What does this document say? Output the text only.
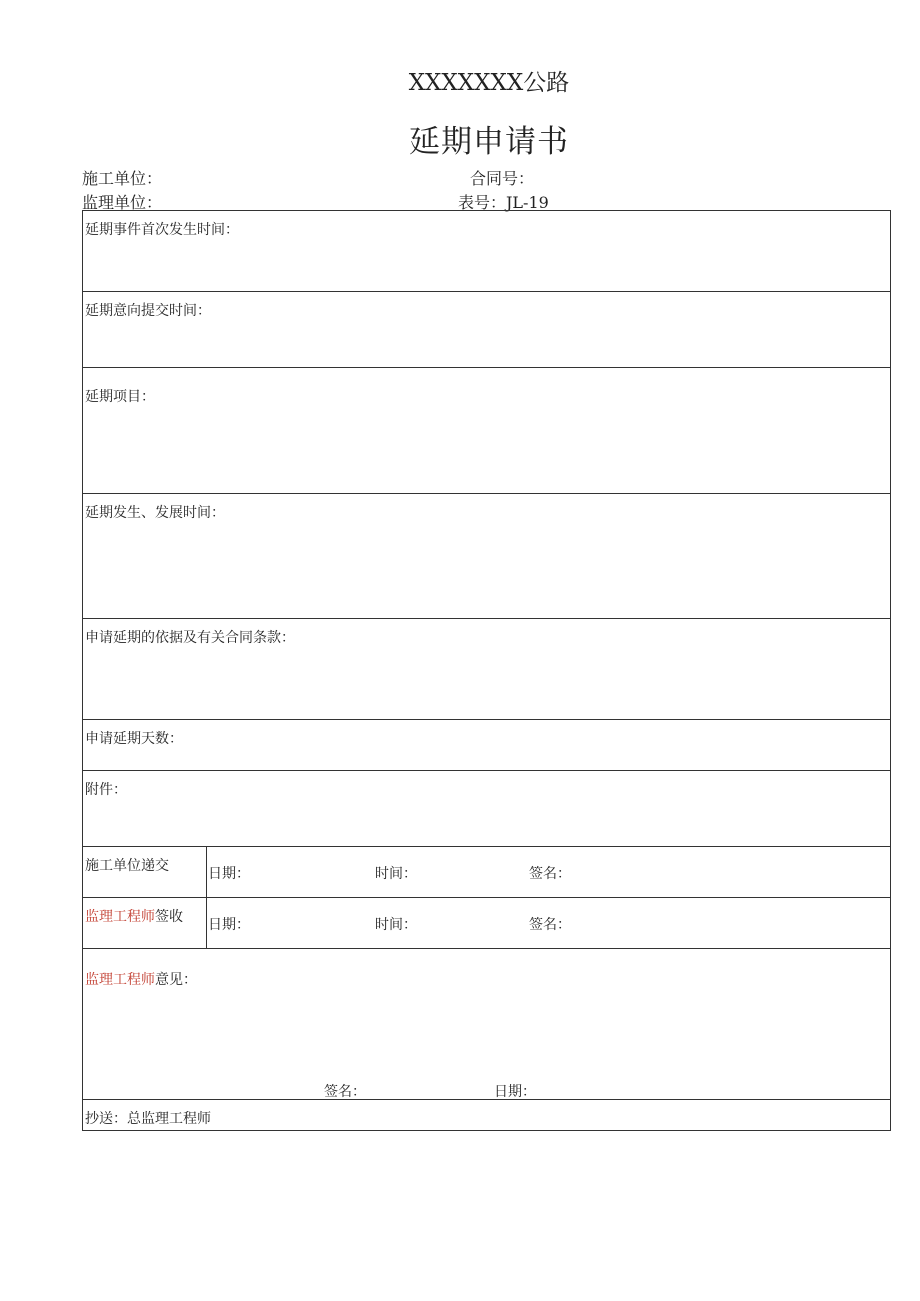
XXXXXXX公路
延期申请书
施工单位：	合同号：
监理单位：	表号：JL-19
延期事件首次发生时间：
延期意向提交时间：
延期项目：
延期发生、发展时间：
申请延期的依据及有关合同条款：
申请延期天数：
附件：
施工单位递交	日期：	时间：	签名：
监理工程师签收 日期：	时间：	签名：
监理工程师意见：
签名：	日期：
抄送：总监理工程师
